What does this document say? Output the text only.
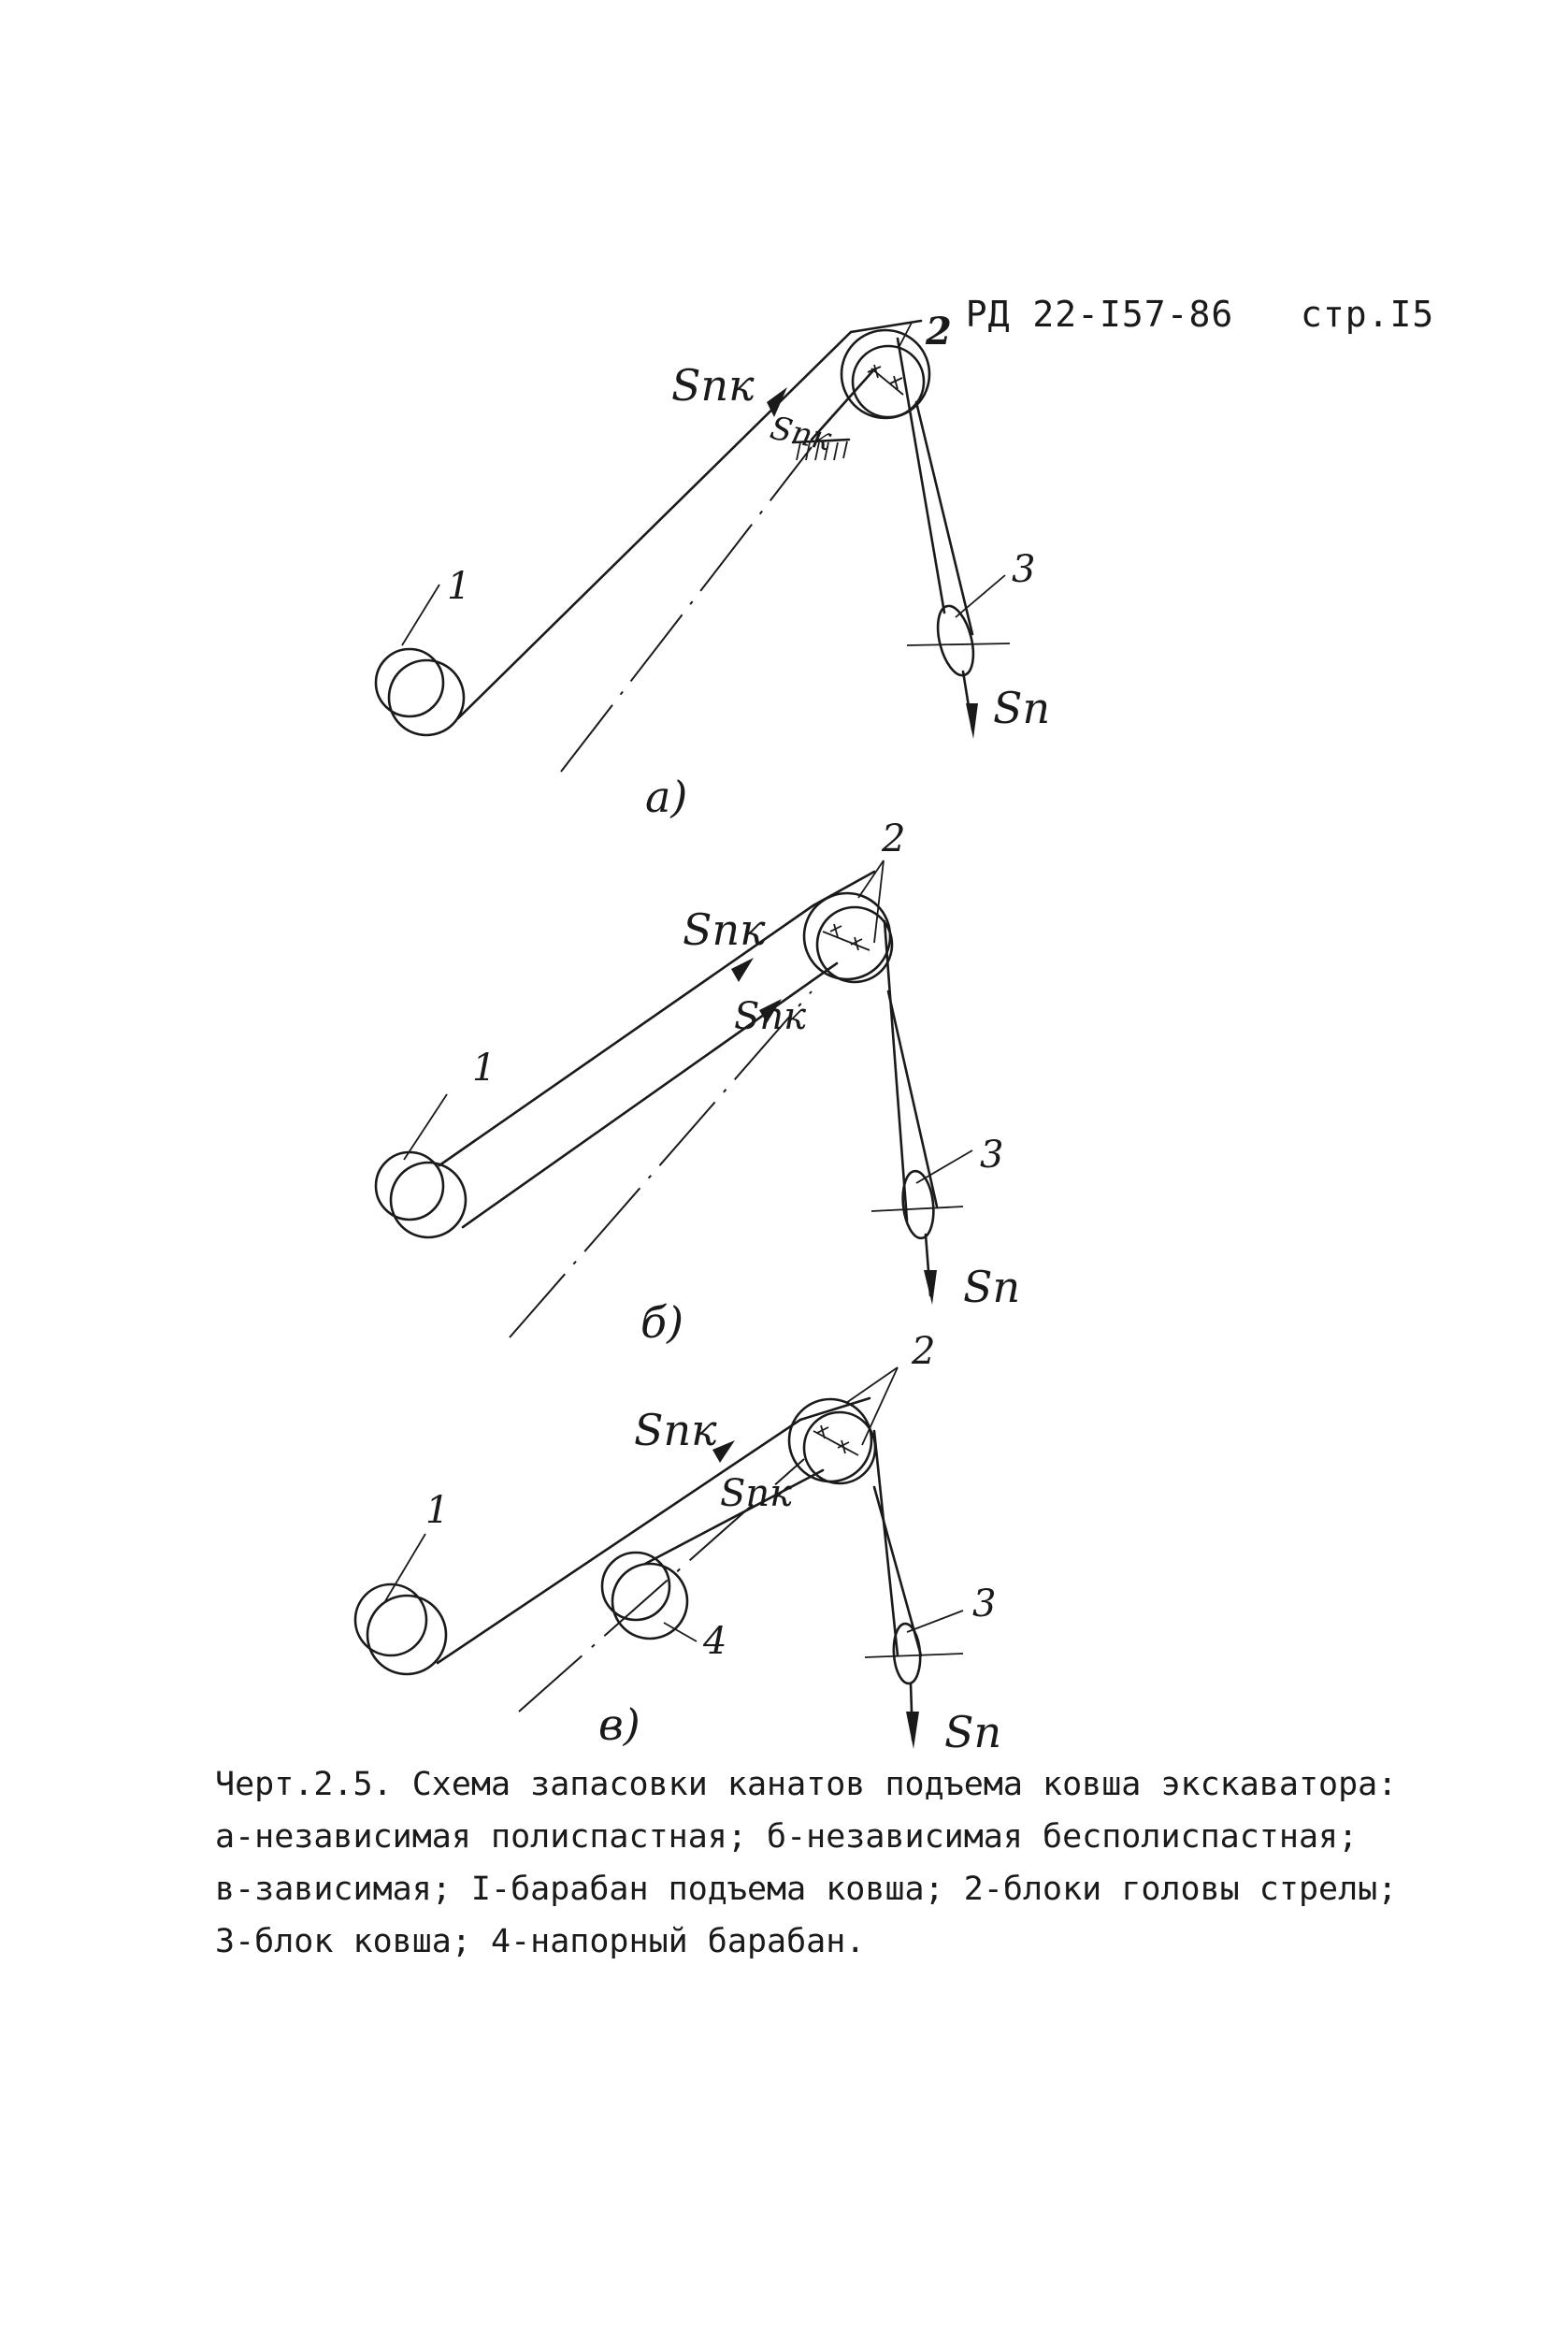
РД 22-I57-86 стр.I5

Sпк
Sпк
Sп
1
2
3
a)
Sпк
Sпк
Sп
1
2
3
б)
Sпк
Sпк
Sп
1
2
3
4
в)
Черт.2.5. Схема запасовки канатов подъема ковша экскаватора:
а-независимая полиспастная; б-независимая бесполиспастная;
в-зависимая; I-барабан подъема ковша; 2-блоки головы стрелы;
3-блок ковша; 4-напорный барабан.
